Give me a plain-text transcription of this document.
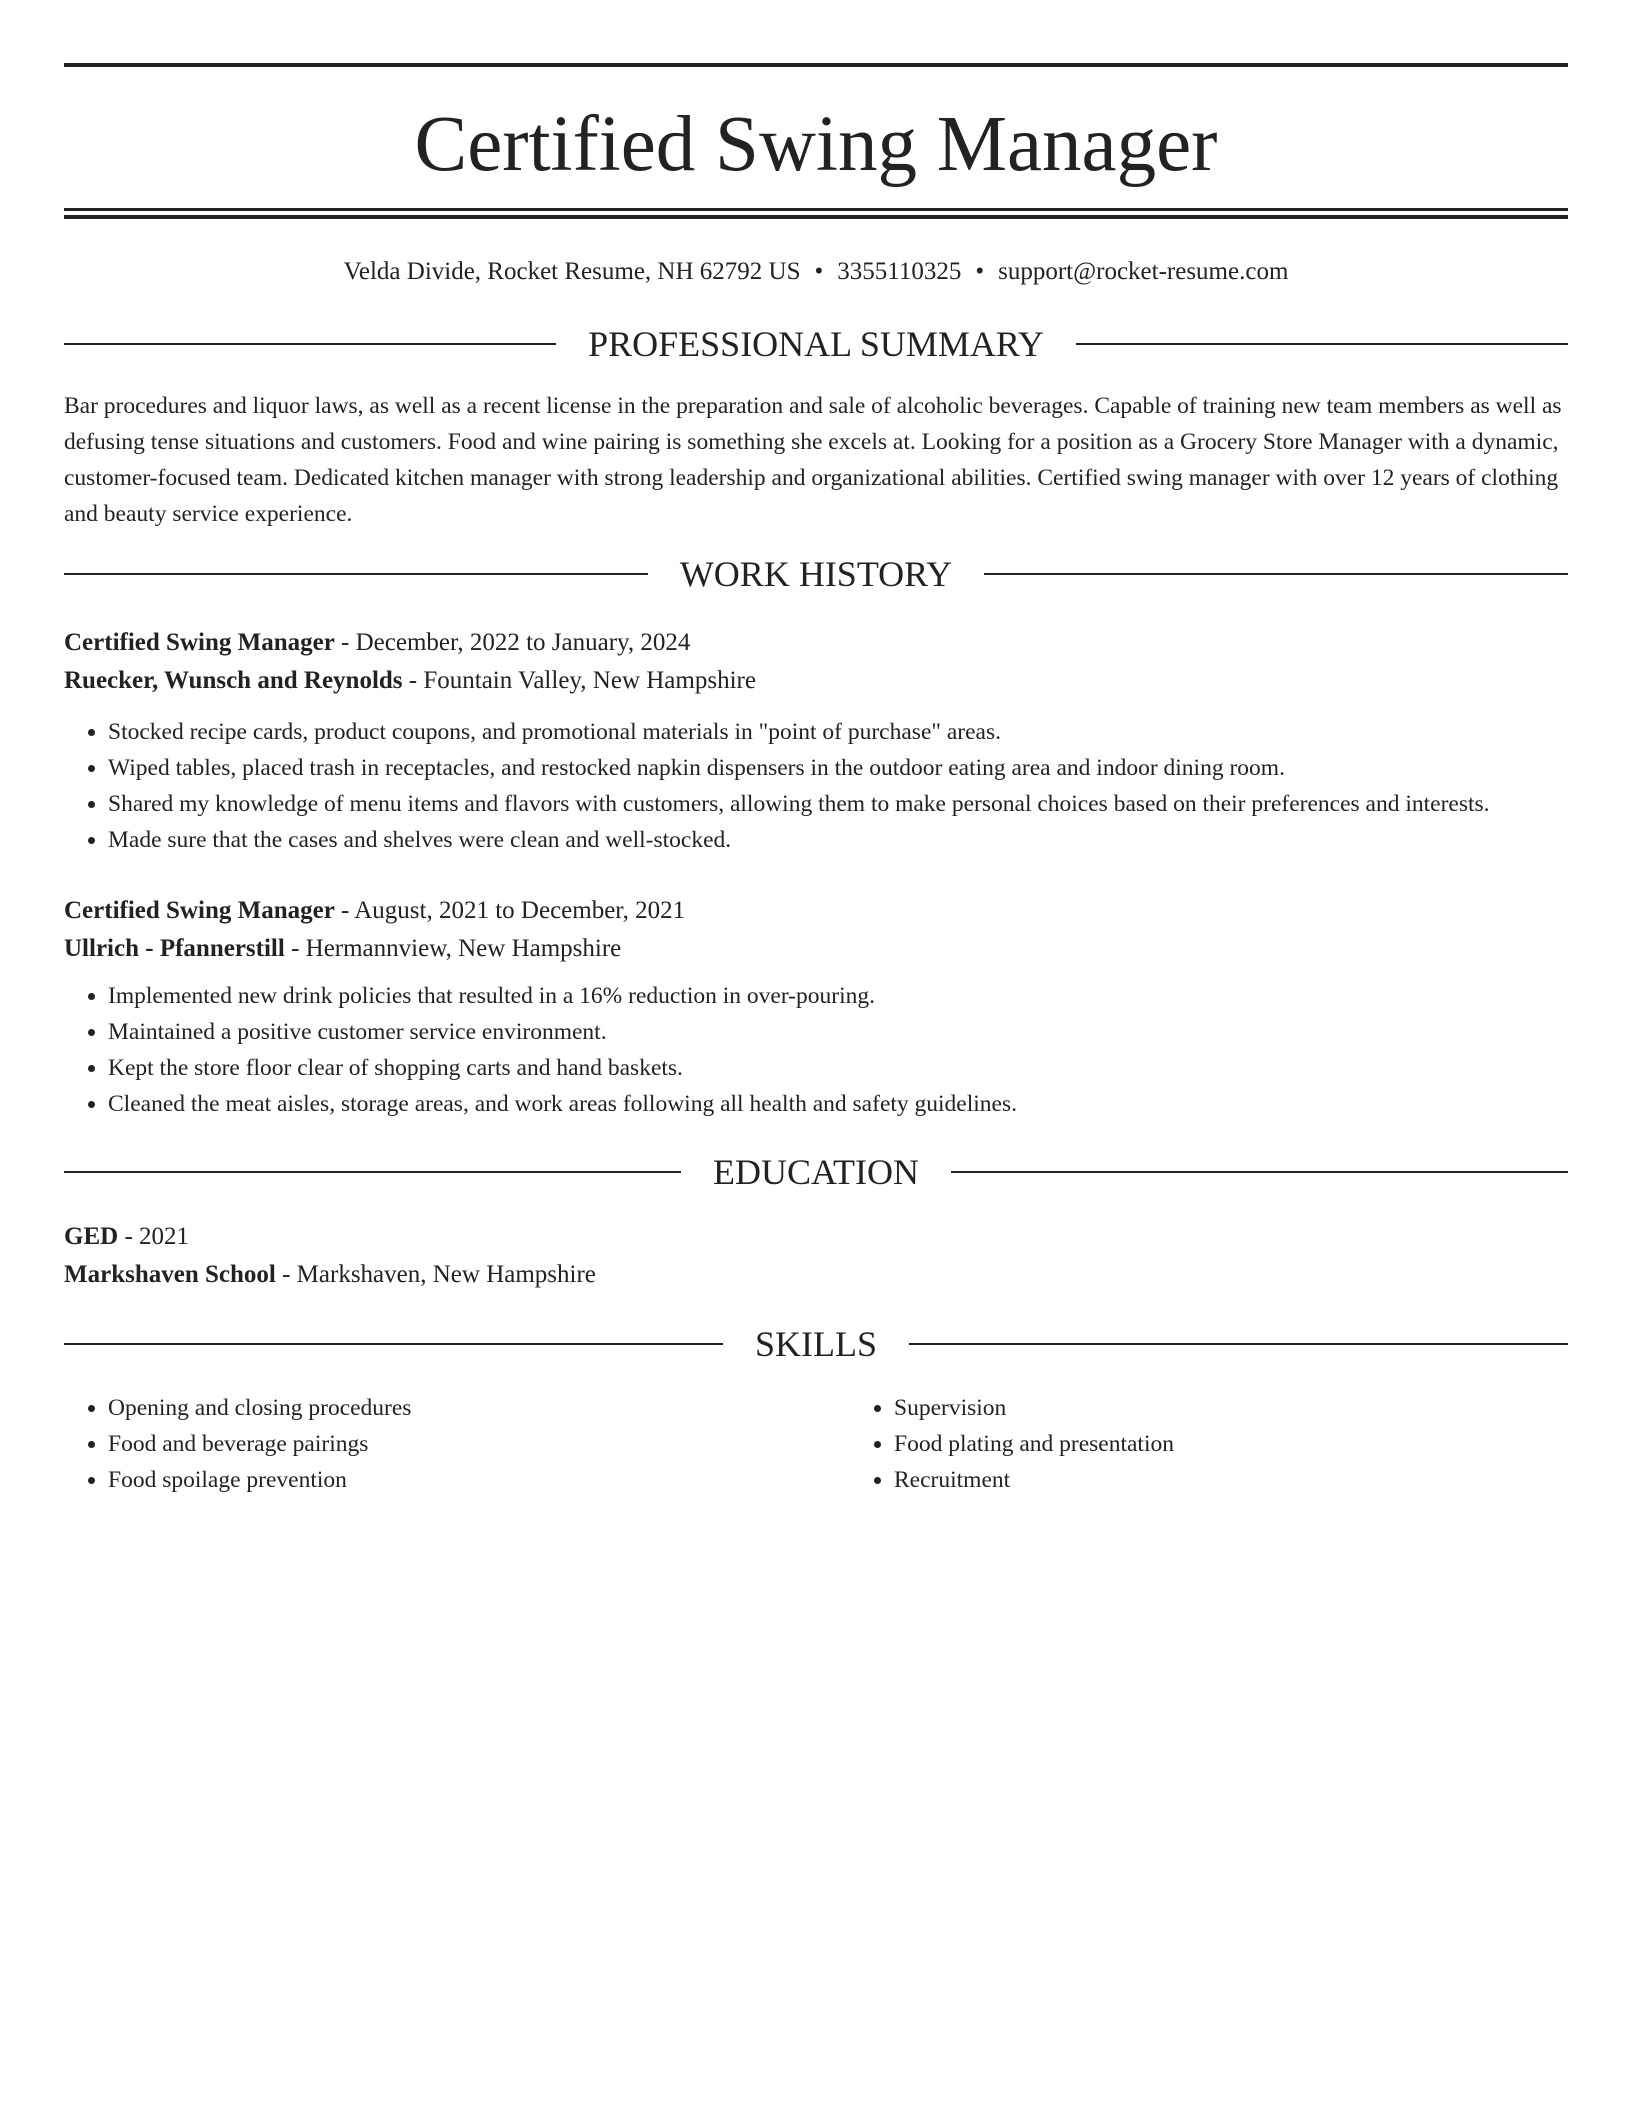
Certified Swing Manager
Velda Divide, Rocket Resume, NH 62792 US • 3355110325 • support@rocket-resume.com
PROFESSIONAL SUMMARY

Bar procedures and liquor laws, as well as a recent license in the preparation and sale of alcoholic beverages. Capable of training new team members as well as defusing tense situations and customers. Food and wine pairing is something she excels at. Looking for a position as a Grocery Store Manager with a dynamic, customer-focused team. Dedicated kitchen manager with strong leadership and organizational abilities. Certified swing manager with over 12 years of clothing and beauty service experience.

WORK HISTORY
Certified Swing Manager - December, 2022 to January, 2024
Ruecker, Wunsch and Reynolds - Fountain Valley, New Hampshire
• Stocked recipe cards, product coupons, and promotional materials in "point of purchase" areas.
• Wiped tables, placed trash in receptacles, and restocked napkin dispensers in the outdoor eating area and indoor dining room.
• Shared my knowledge of menu items and flavors with customers, allowing them to make personal choices based on their preferences and interests.
• Made sure that the cases and shelves were clean and well-stocked.
Certified Swing Manager - August, 2021 to December, 2021
Ullrich - Pfannerstill - Hermannview, New Hampshire
• Implemented new drink policies that resulted in a 16% reduction in over-pouring.
• Maintained a positive customer service environment.
• Kept the store floor clear of shopping carts and hand baskets.
• Cleaned the meat aisles, storage areas, and work areas following all health and safety guidelines.
EDUCATION
GED - 2021
Markshaven School - Markshaven, New Hampshire
SKILLS
• Opening and closing procedures
• Food and beverage pairings
• Food spoilage prevention
• Supervision
• Food plating and presentation
• Recruitment
